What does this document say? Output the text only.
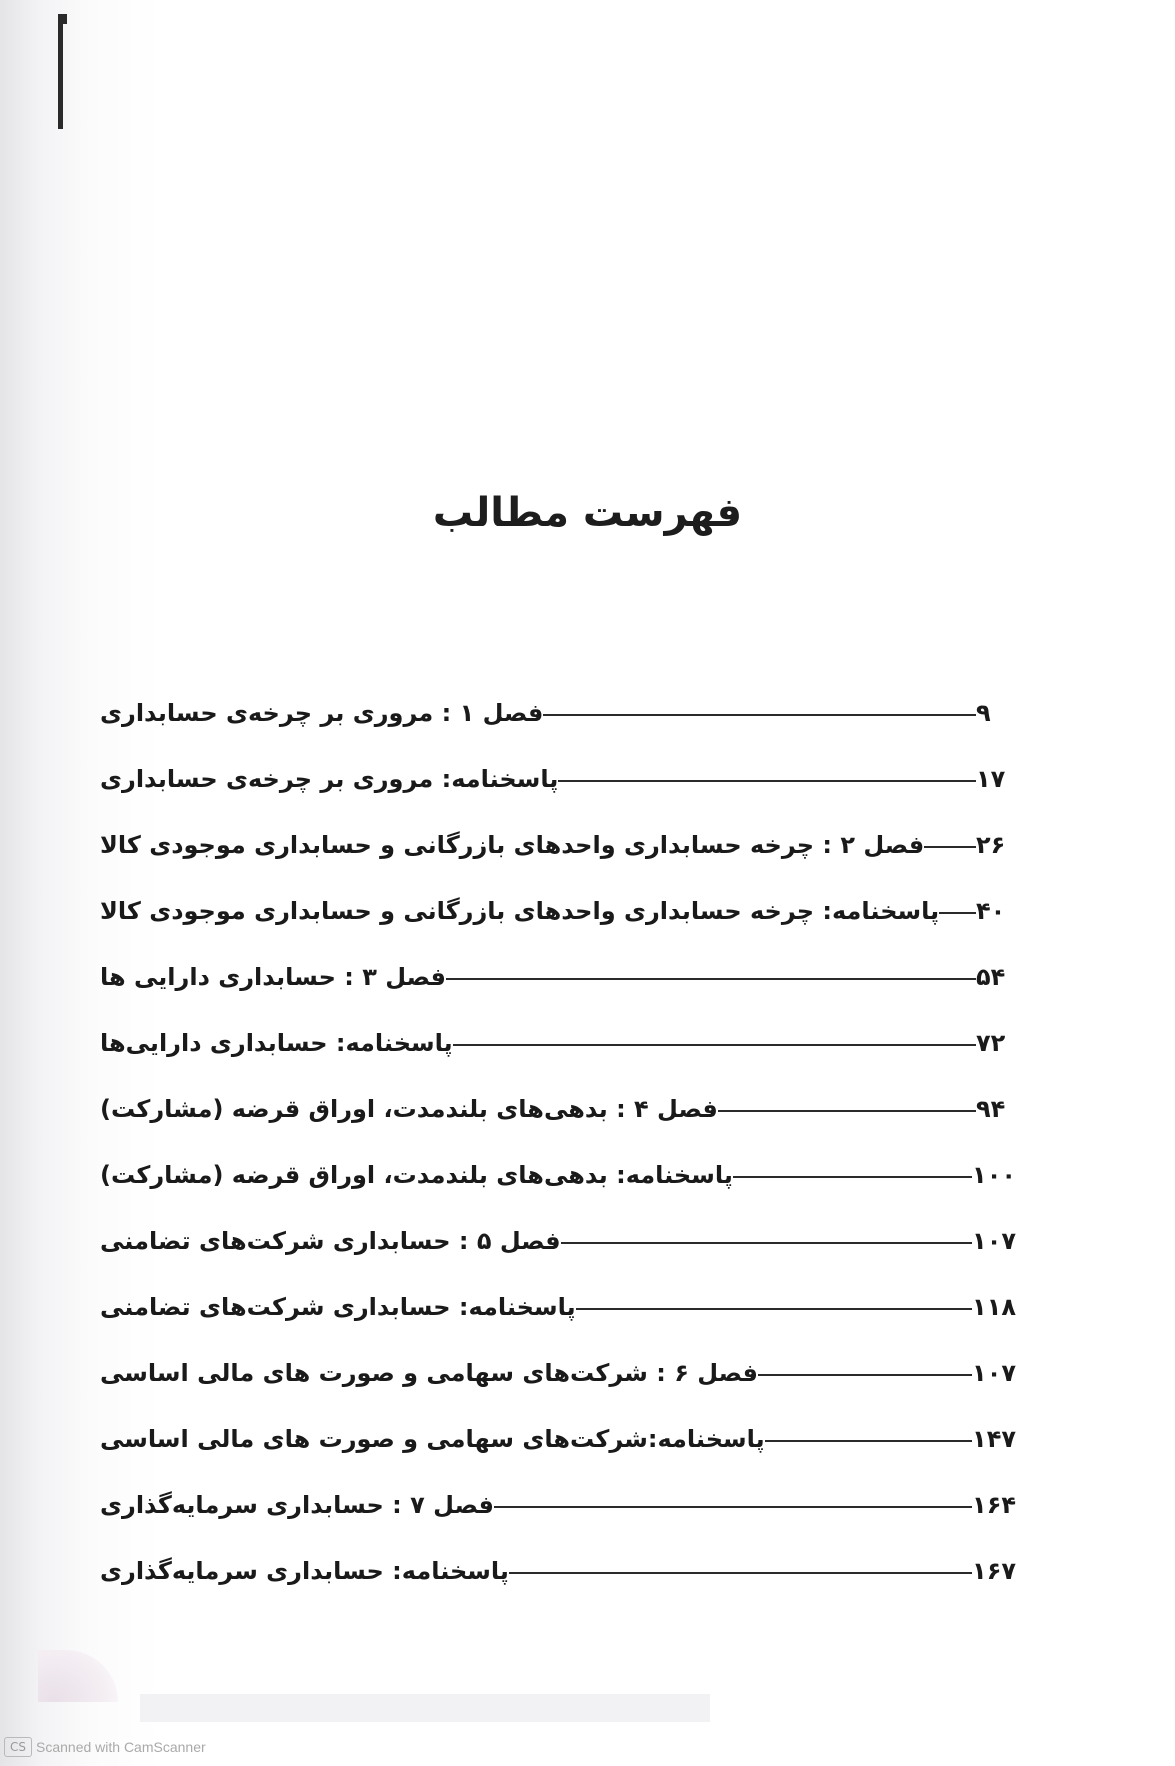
فهرست مطالب
فصل ۱ : مروری بر چرخه‌ی حسابداری	۹
پاسخنامه: مروری بر چرخه‌ی حسابداری	۱۷
فصل ۲ : چرخه حسابداری واحدهای بازرگانی و حسابداری موجودی کالا ۲۶
پاسخنامه: چرخه حسابداری واحدهای بازرگانی و حسابداری موجودی کالا ۴۰
فصل ۳ : حسابداری دارایی ها	۵۴
پاسخنامه: حسابداری دارایی‌ها	۷۲
فصل ۴ : بدهی‌های بلندمدت، اوراق قرضه (مشارکت)	۹۴
پاسخنامه: بدهی‌های بلندمدت، اوراق قرضه (مشارکت)	۱۰۰
فصل ۵ : حسابداری شرکت‌های تضامنی	۱۰۷
پاسخنامه: حسابداری شرکت‌های تضامنی	۱۱۸
فصل ۶ : شرکت‌های سهامی و صورت های مالی اساسی	۱۰۷
پاسخنامه:شرکت‌های سهامی و صورت های مالی اساسی	۱۴۷
فصل ۷ : حسابداری سرمایه‌گذاری	۱۶۴
پاسخنامه: حسابداری سرمایه‌گذاری	۱۶۷
CS Scanned with CamScanner
